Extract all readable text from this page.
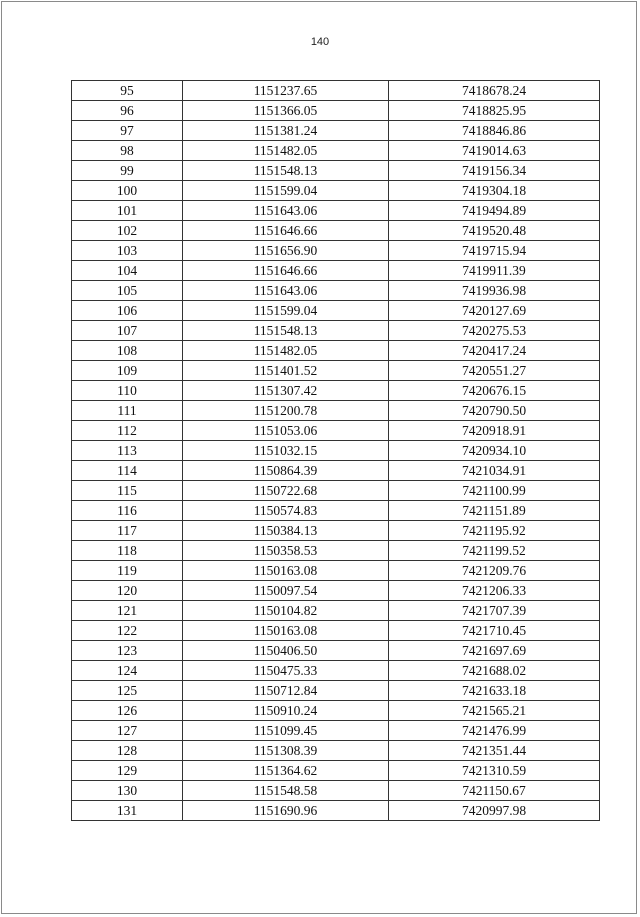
140
95	1151237.65	7418678.24
96	1151366.05	7418825.95
97	1151381.24	7418846.86
98	1151482.05	7419014.63
99	1151548.13	7419156.34
100	1151599.04	7419304.18
101	1151643.06	7419494.89
102	1151646.66	7419520.48
103	1151656.90	7419715.94
104	1151646.66	7419911.39
105	1151643.06	7419936.98
106	1151599.04	7420127.69
107	1151548.13	7420275.53
108	1151482.05	7420417.24
109	1151401.52	7420551.27
110	1151307.42	7420676.15
111	1151200.78	7420790.50
112	1151053.06	7420918.91
113	1151032.15	7420934.10
114	1150864.39	7421034.91
115	1150722.68	7421100.99
116	1150574.83	7421151.89
117	1150384.13	7421195.92
118	1150358.53	7421199.52
119	1150163.08	7421209.76
120	1150097.54	7421206.33
121	1150104.82	7421707.39
122	1150163.08	7421710.45
123	1150406.50	7421697.69
124	1150475.33	7421688.02
125	1150712.84	7421633.18
126	1150910.24	7421565.21
127	1151099.45	7421476.99
128	1151308.39	7421351.44
129	1151364.62	7421310.59
130	1151548.58	7421150.67
131	1151690.96	7420997.98
